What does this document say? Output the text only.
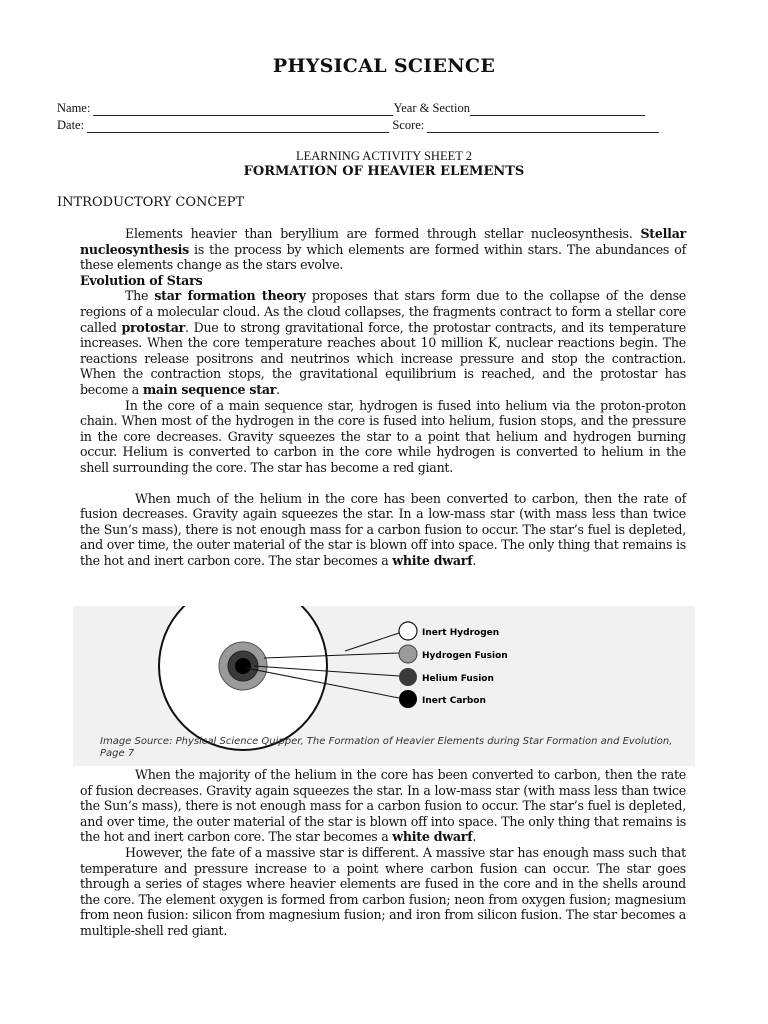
PHYSICAL SCIENCE
Name:	Year & Section
Date:	Score:
LEARNING ACTIVITY SHEET 2
FORMATION OF HEAVIER ELEMENTS
INTRODUCTORY CONCEPT

Elements heavier than beryllium are formed through stellar nucleosynthesis. Stellar nucleosynthesis is the process by which elements are formed within stars. The abundances of these elements change as the stars evolve.

Evolution of Stars

The star formation theory proposes that stars form due to the collapse of the dense regions of a molecular cloud. As the cloud collapses, the fragments contract to form a stellar core called protostar. Due to strong gravitational force, the protostar contracts, and its temperature increases. When the core temperature reaches about 10 million K, nuclear reactions begin. The reactions release positrons and neutrinos which increase pressure and stop the contraction. When the contraction stops, the gravitational equilibrium is reached, and the protostar has become a main sequence star.

In the core of a main sequence star, hydrogen is fused into helium via the proton-proton chain. When most of the hydrogen in the core is fused into helium, fusion stops, and the pressure in the core decreases. Gravity squeezes the star to a point that helium and hydrogen burning occur. Helium is converted to carbon in the core while hydrogen is converted to helium in the shell surrounding the core. The star has become a red giant.

When much of the helium in the core has been converted to carbon, then the rate of fusion decreases. Gravity again squeezes the star. In a low-mass star (with mass less than twice the Sun’s mass), there is not enough mass for a carbon fusion to occur. The star’s fuel is depleted, and over time, the outer material of the star is blown off into space. The only thing that remains is the hot and inert carbon core. The star becomes a white dwarf.

Inert Hydrogen
Hydrogen Fusion
Helium Fusion
Inert Carbon
Image Source: Physical Science Quipper, The Formation of Heavier Elements during Star Formation and Evolution, Page 7

When the majority of the helium in the core has been converted to carbon, then the rate of fusion decreases. Gravity again squeezes the star. In a low-mass star (with mass less than twice the Sun’s mass), there is not enough mass for a carbon fusion to occur. The star’s fuel is depleted, and over time, the outer material of the star is blown off into space. The only thing that remains is the hot and inert carbon core. The star becomes a white dwarf.

However, the fate of a massive star is different. A massive star has enough mass such that temperature and pressure increase to a point where carbon fusion can occur. The star goes through a series of stages where heavier elements are fused in the core and in the shells around the core. The element oxygen is formed from carbon fusion; neon from oxygen fusion; magnesium from neon fusion: silicon from magnesium fusion; and iron from silicon fusion. The star becomes a multiple-shell red giant.
